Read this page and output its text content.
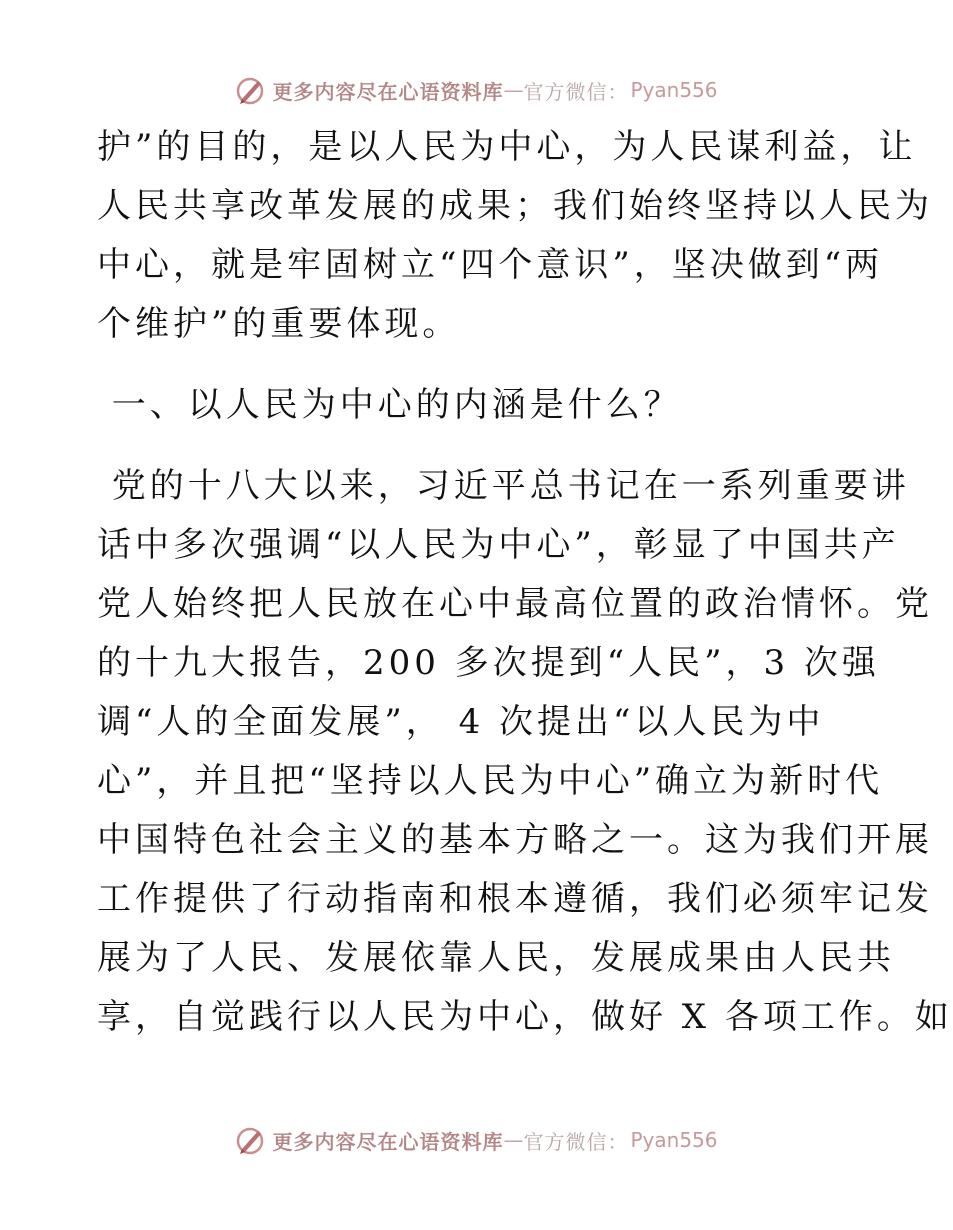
更多内容尽在心语资料库 — 官方微信： Pyan556
护”的目的，是以人民为中心，为人民谋利益，让
人民共享改革发展的成果；我们始终坚持以人民为
中心，就是牢固树立“四个意识”，坚决做到“两
个维护”的重要体现。
一、以人民为中心的内涵是什么？
党的十八大以来，习近平总书记在一系列重要讲
话中多次强调“以人民为中心”，彰显了中国共产
党人始终把人民放在心中最高位置的政治情怀。党
的十九大报告，200 多次提到“人民”，3 次强
调“人的全面发展”， 4 次提出“以人民为中
心”，并且把“坚持以人民为中心”确立为新时代
中国特色社会主义的基本方略之一。这为我们开展
工作提供了行动指南和根本遵循，我们必须牢记发
展为了人民、发展依靠人民，发展成果由人民共
享，自觉践行以人民为中心，做好 X 各项工作。如
更多内容尽在心语资料库 — 官方微信： Pyan556
